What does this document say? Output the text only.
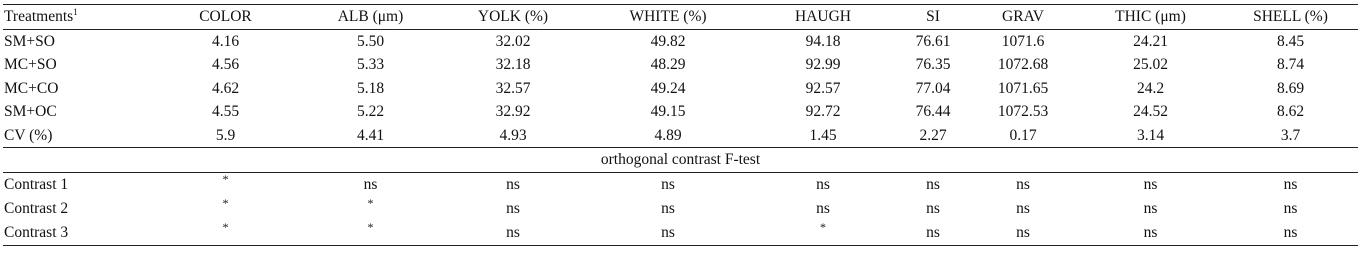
Treatments$^1$	COLOR	ALB (μm)	YOLK (%)	WHITE (%)	HAUGH	SI	GRAV	THIC (μm)	SHELL (%)
SM+SO	4.16	5.50	32.02	49.82	94.18	76.61	1071.6	24.21	8.45
MC+SO	4.56	5.33	32.18	48.29	92.99	76.35	1072.68	25.02	8.74
MC+CO	4.62	5.18	32.57	49.24	92.57	77.04	1071.65	24.2	8.69
SM+OC	4.55	5.22	32.92	49.15	92.72	76.44	1072.53	24.52	8.62
CV (%)	5.9	4.41	4.93	4.89	1.45	2.27	0.17	3.14	3.7
orthogonal contrast F-test									
Contrast 1	*	ns	ns	ns	ns	ns	ns	ns	ns
Contrast 2	*	*	ns	ns	ns	ns	ns	ns	ns
Contrast 3	*	*	ns	ns	*	ns	ns	ns	ns
